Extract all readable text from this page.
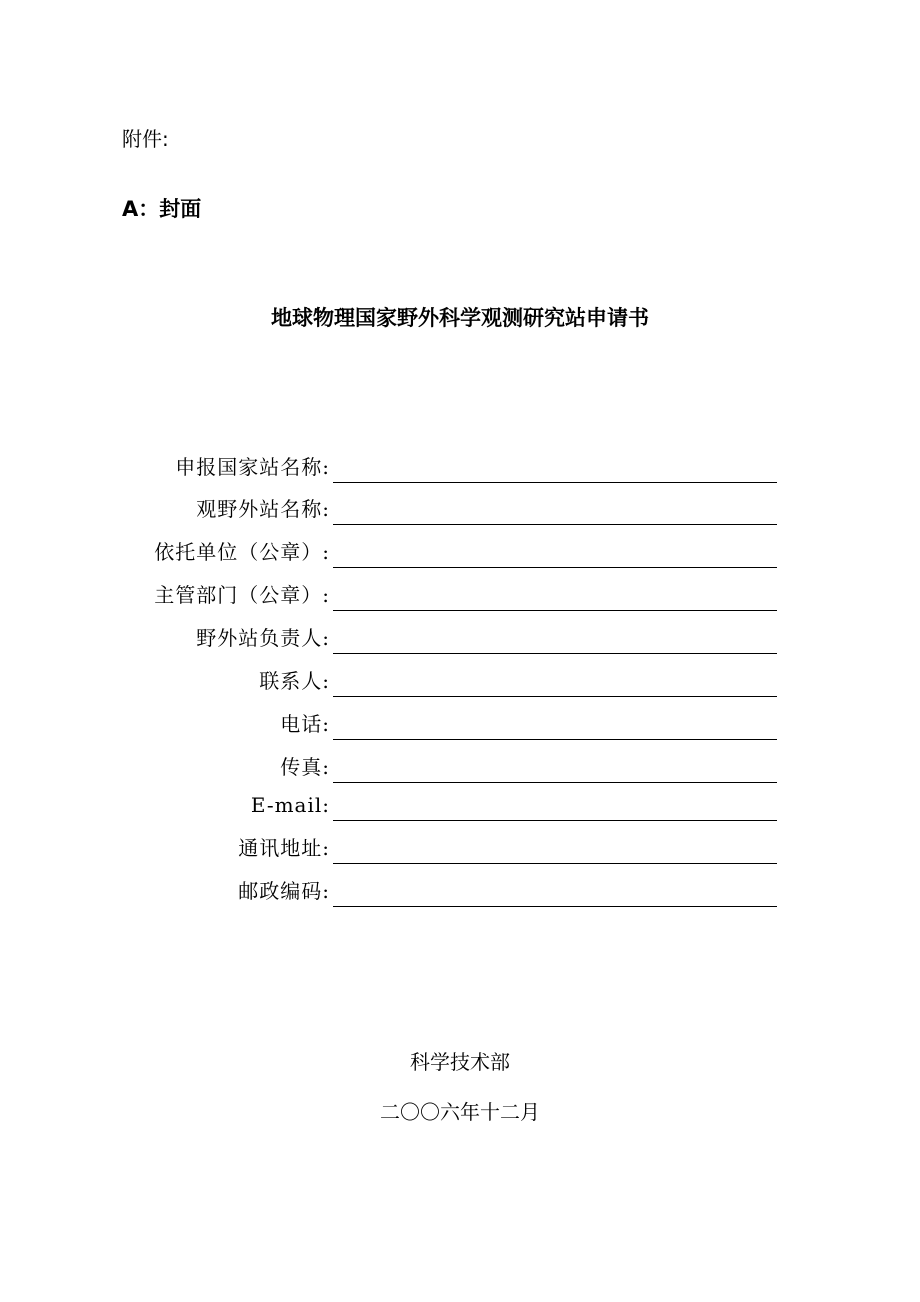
附件:

A：封面
地球物理国家野外科学观测研究站申请书
申报国家站名称:
观野外站名称:
依托单位（公章）:
主管部门（公章）:
野外站负责人:
联系人:
电话:
传真:
E-mail:
通讯地址:
邮政编码:

科学技术部

二〇〇六年十二月
